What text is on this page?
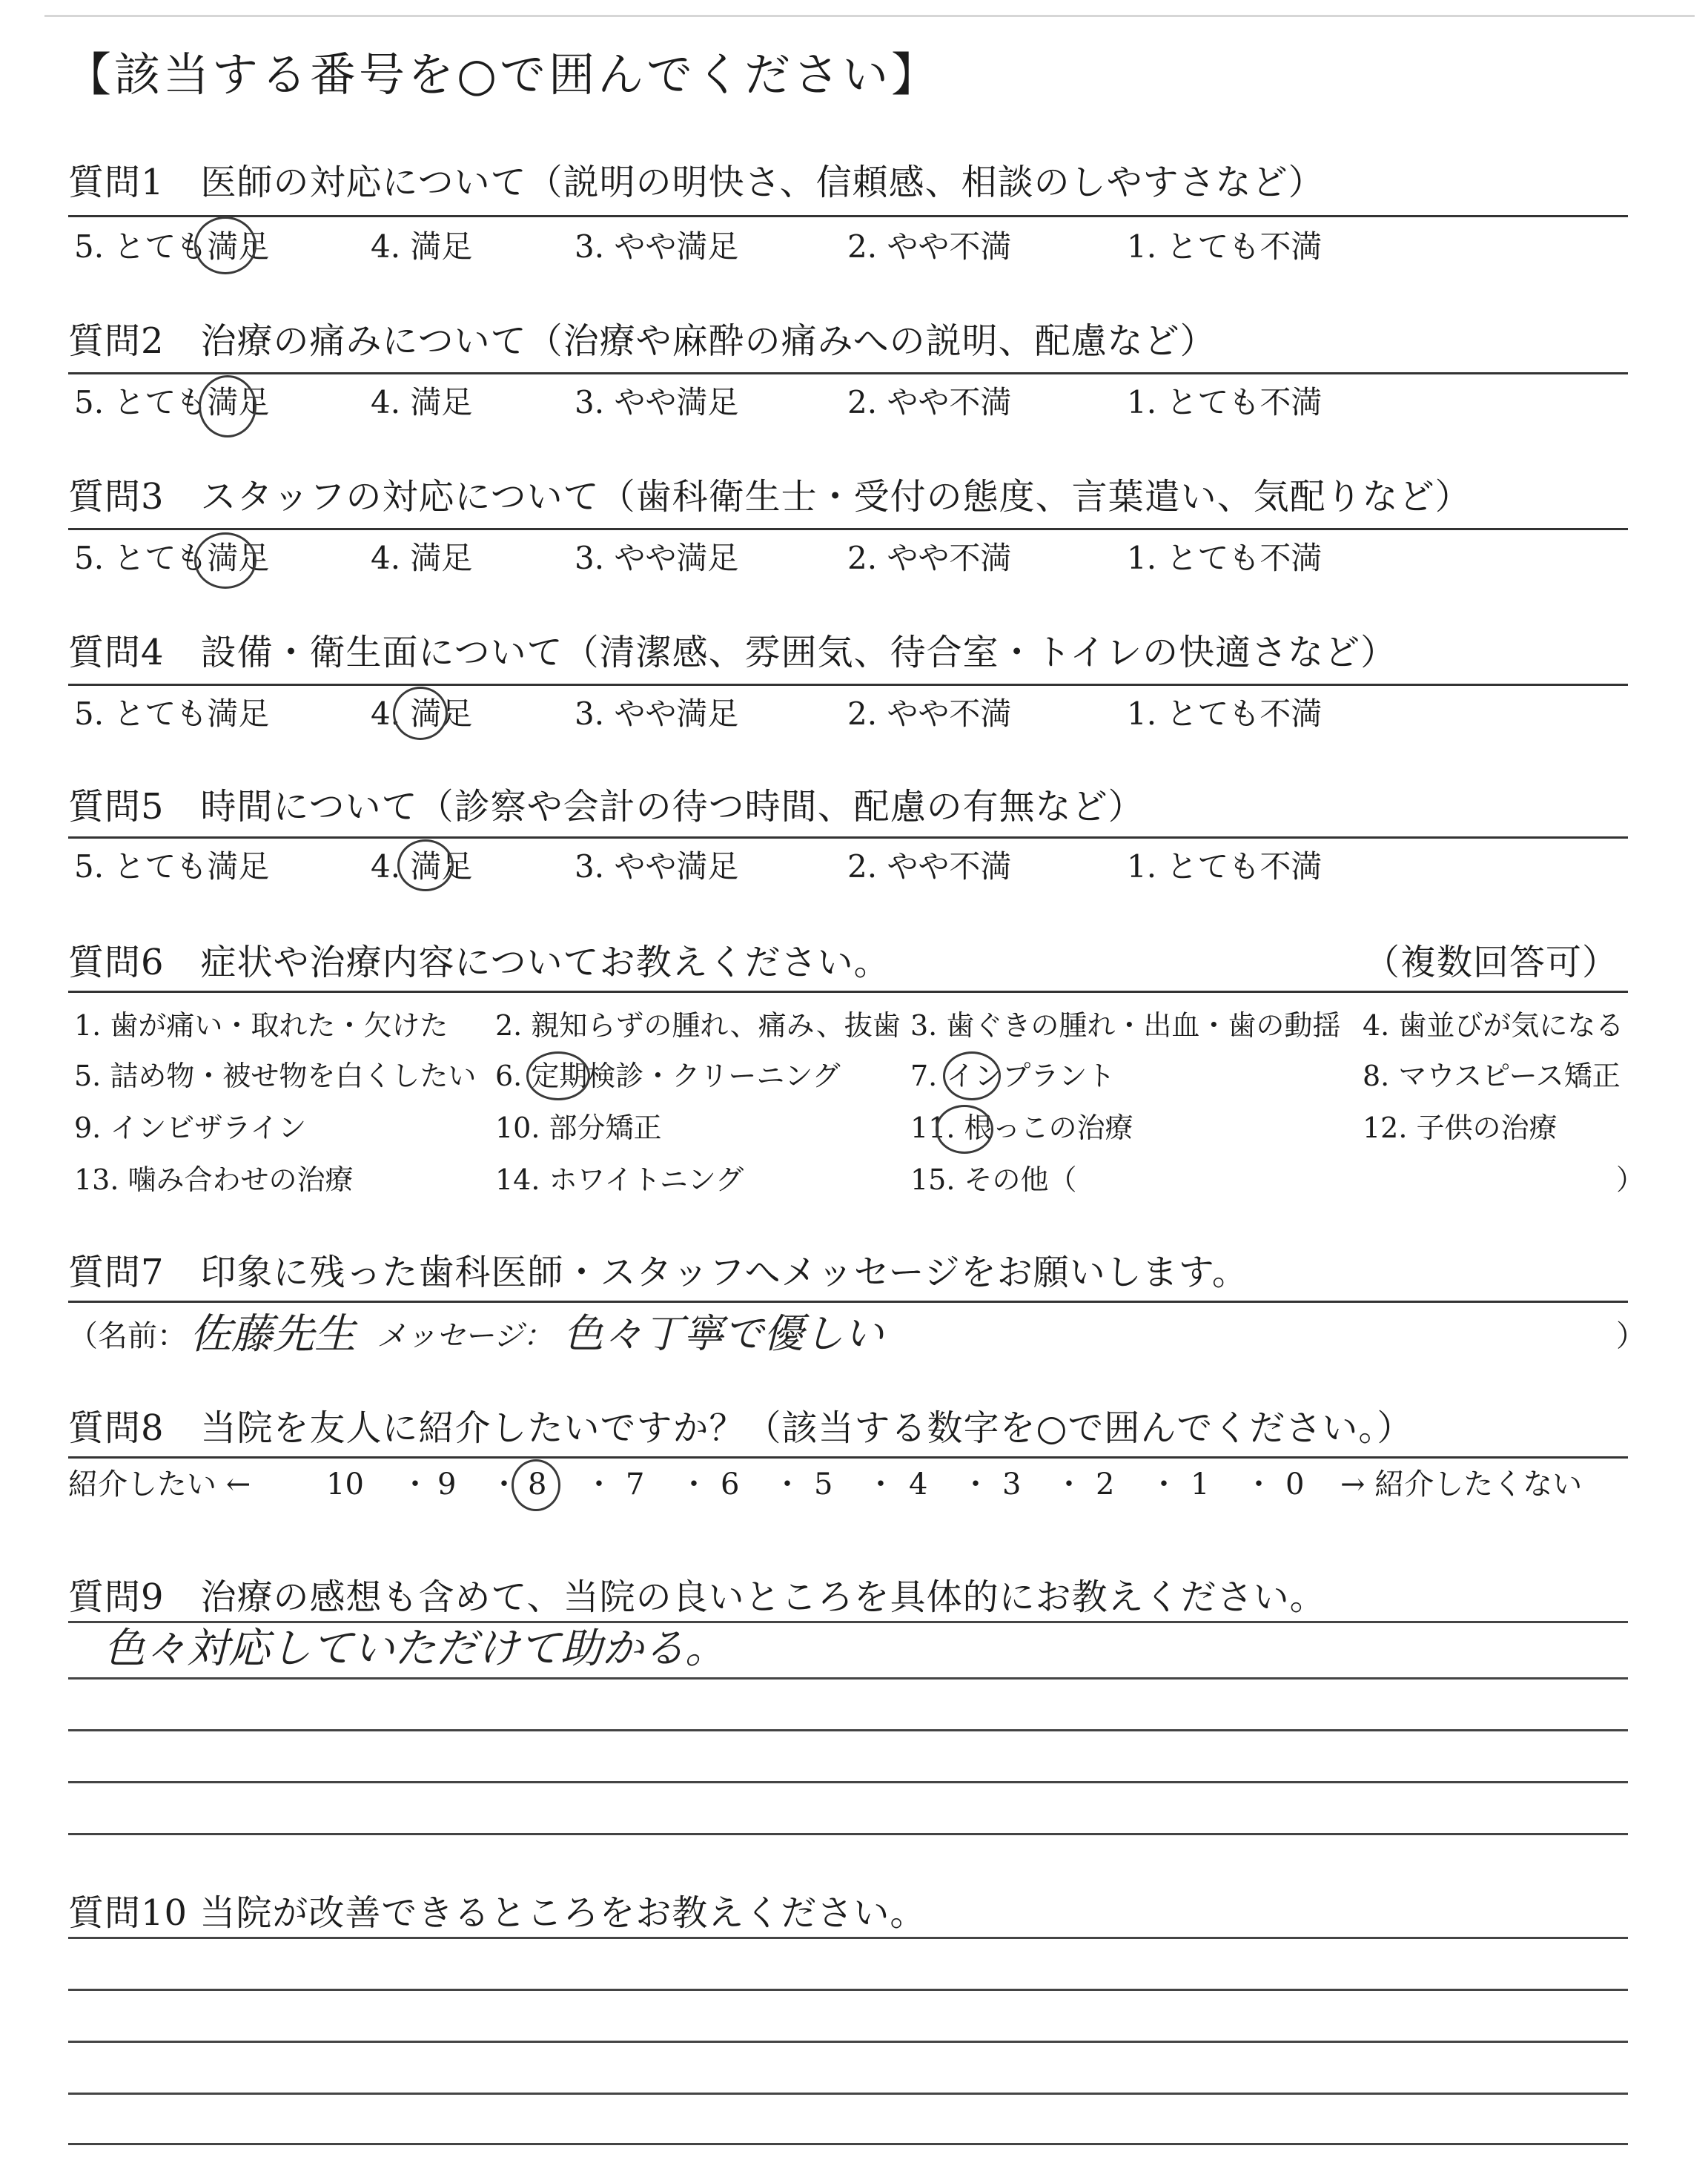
【該当する番号を○で囲んでください】
質問1　医師の対応について（説明の明快さ、信頼感、相談のしやすさなど）
5. とても満足	4. 満足	3. やや満足	2. やや不満	1. とても不満
質問2　治療の痛みについて（治療や麻酔の痛みへの説明、配慮など）
5. とても満足	4. 満足	3. やや満足	2. やや不満	1. とても不満
質問3　スタッフの対応について（歯科衛生士・受付の態度、言葉遣い、気配りなど）
5. とても満足	4. 満足	3. やや満足	2. やや不満	1. とても不満
質問4　設備・衛生面について（清潔感、雰囲気、待合室・トイレの快適さなど）
5. とても満足	4. 満足	3. やや満足	2. やや不満	1. とても不満
質問5　時間について（診察や会計の待つ時間、配慮の有無など）
5. とても満足	4. 満足	3. やや満足	2. やや不満	1. とても不満
質問6　症状や治療内容についてお教えください。	（複数回答可）
1. 歯が痛い・取れた・欠けた 2. 親知らずの腫れ、痛み、抜歯 3. 歯ぐきの腫れ・出血・歯の動揺 4. 歯並びが気になる
5. 詰め物・被せ物を白くしたい 6. 定期検診・クリーニング 7. インプラント	8. マウスピース矯正
9. インビザライン	10. 部分矯正	11. 根っこの治療	12. 子供の治療
13. 噛み合わせの治療	14. ホワイトニング	15. その他（	）
質問7　印象に残った歯科医師・スタッフへメッセージをお願いします。
（名前： 佐藤先生 メッセージ： 色々丁寧で優しい	）
質問8　当院を友人に紹介したいですか？（該当する数字を○で囲んでください。）
紹介したい ←	10 ・ 9 ・ 8 ・ 7 ・ 6 ・ 5 ・ 4 ・ 3 ・ 2 ・ 1 ・ 0 → 紹介したくない
質問9　治療の感想も含めて、当院の良いところを具体的にお教えください。
色々対応していただけて助かる。
質問10 当院が改善できるところをお教えください。
